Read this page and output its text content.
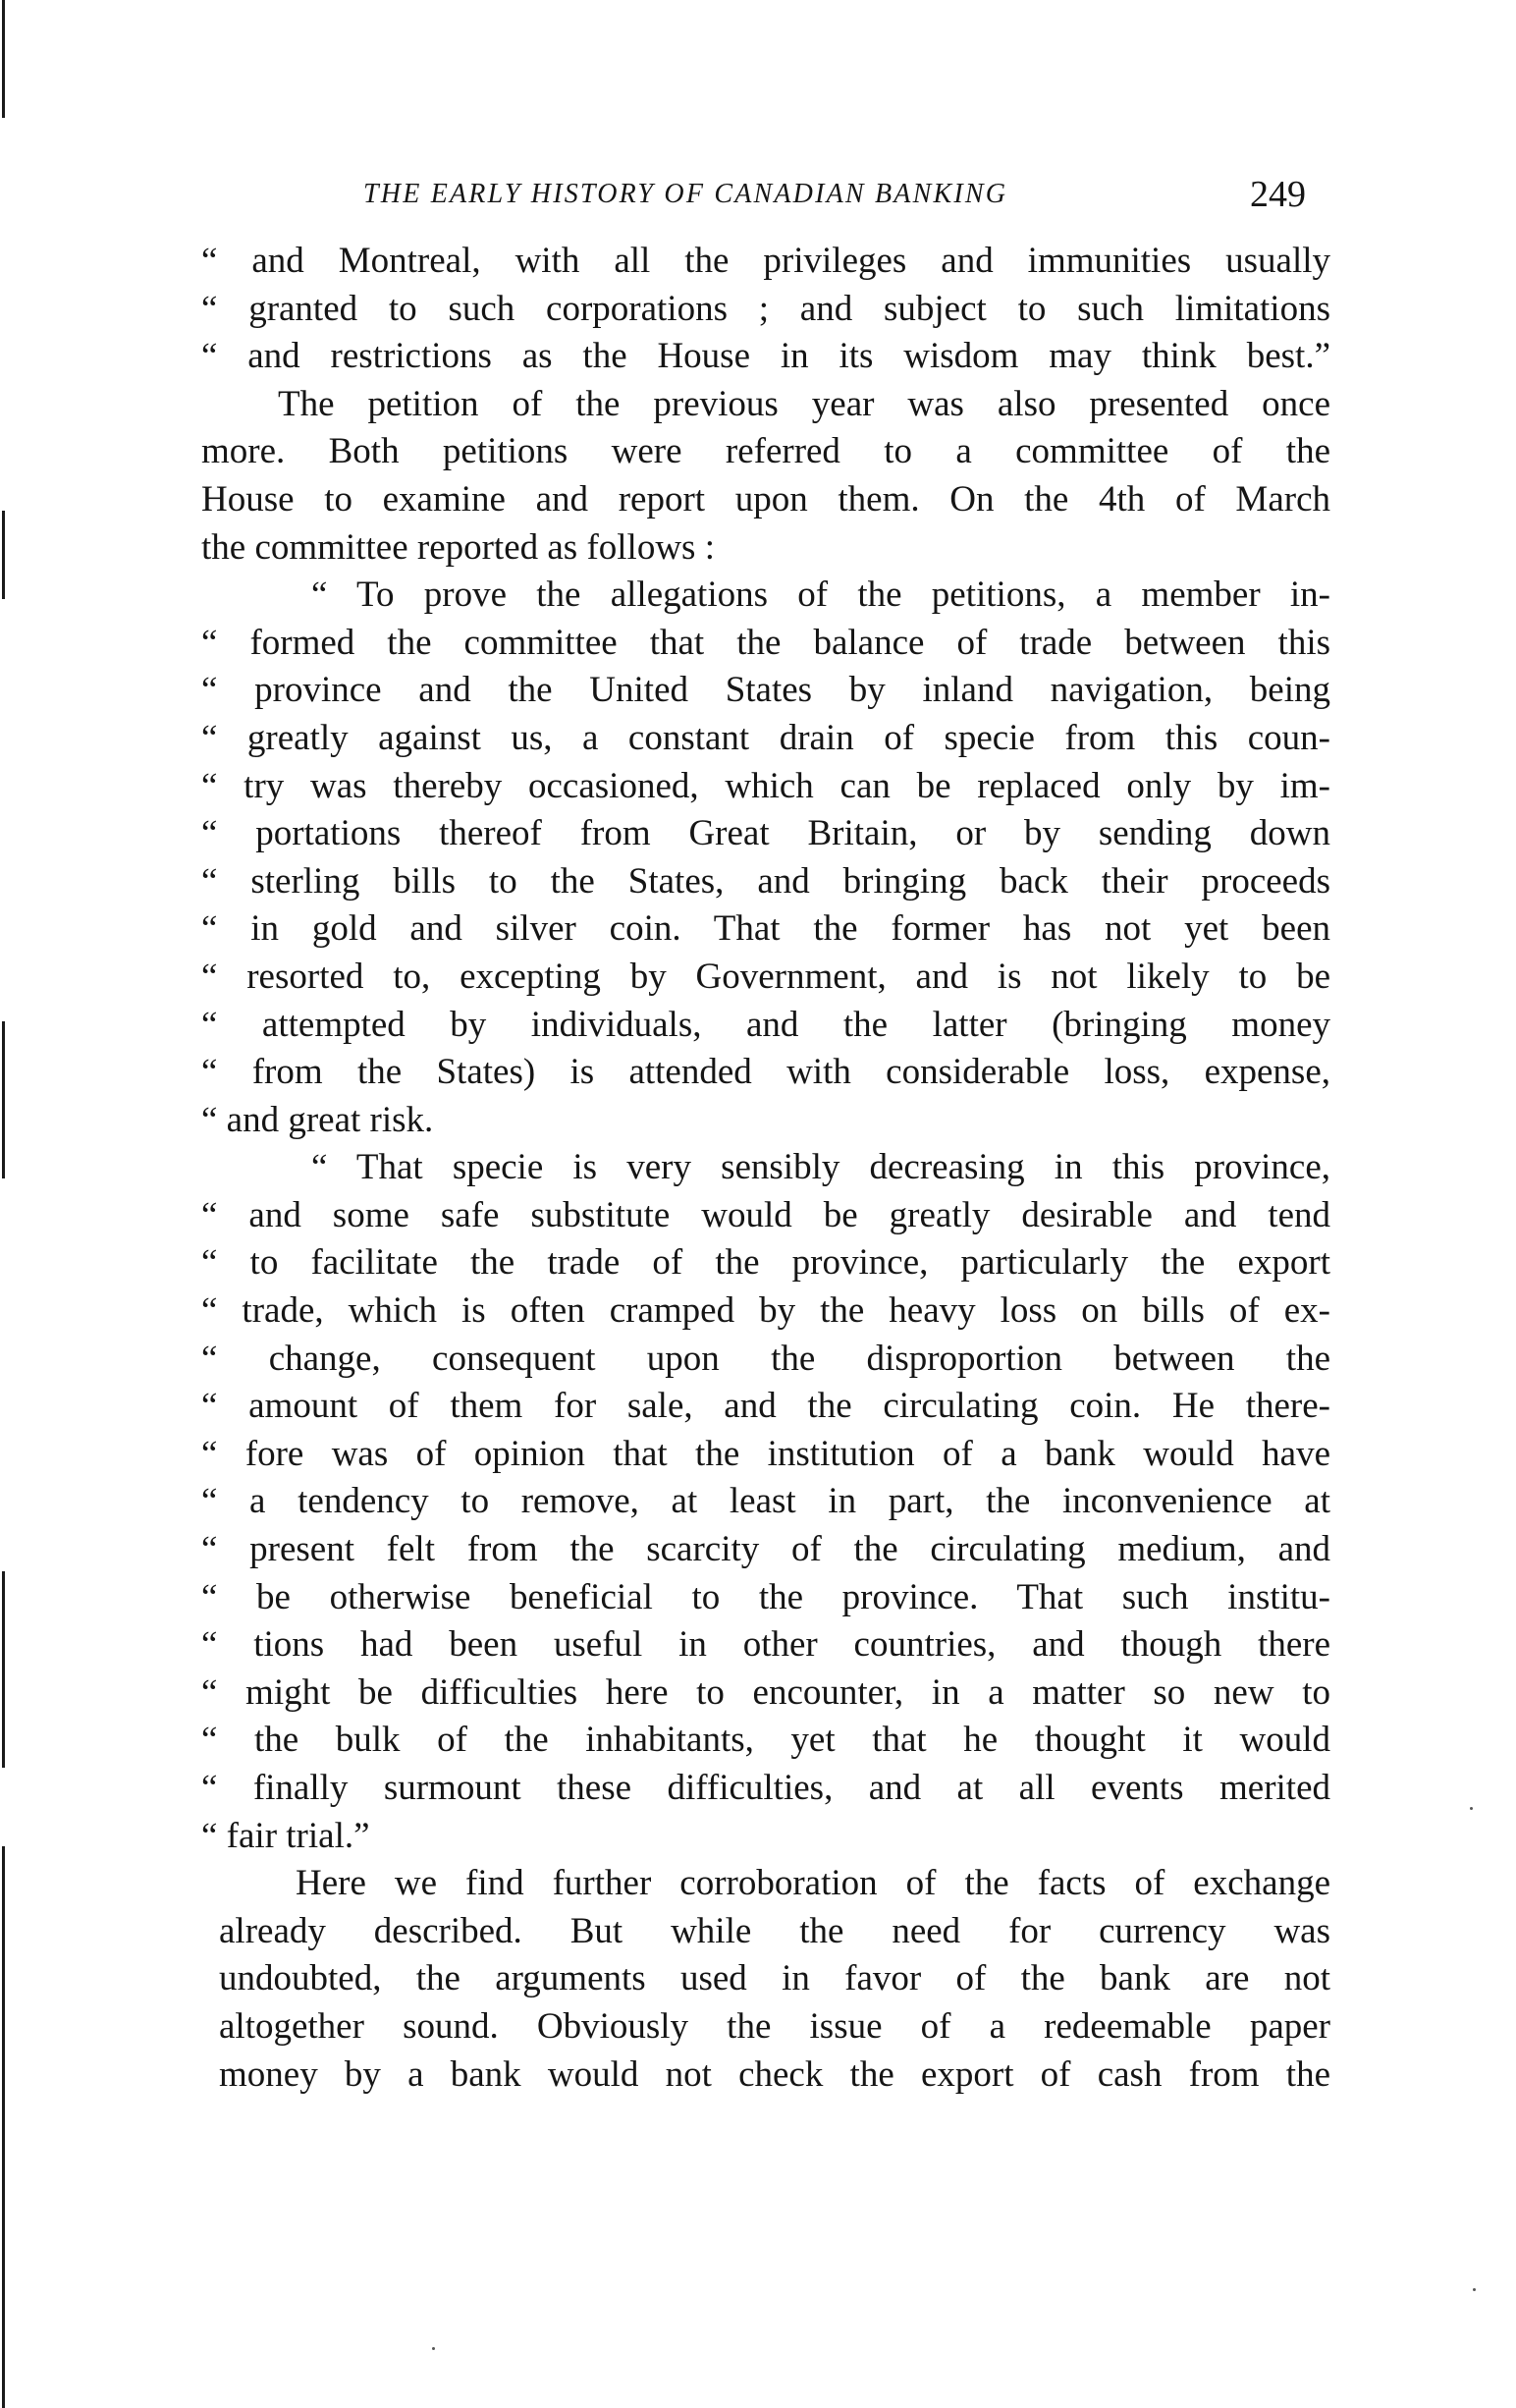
THE EARLY HISTORY OF CANADIAN BANKING	249
“ and Montreal, with all the privileges and immunities usually
“ granted to such corporations ; and subject to such limitations
“ and restrictions as the House in its wisdom may think best.”
The petition of the previous year was also presented once
more. Both petitions were referred to a committee of the
House to examine and report upon them. On the 4th of March
the committee reported as follows :
“ To prove the allegations of the petitions, a member in-
“ formed the committee that the balance of trade between this
“ province and the United States by inland navigation, being
“ greatly against us, a constant drain of specie from this coun-
“ try was thereby occasioned, which can be replaced only by im-
“ portations thereof from Great Britain, or by sending down
“ sterling bills to the States, and bringing back their proceeds
“ in gold and silver coin. That the former has not yet been
“ resorted to, excepting by Government, and is not likely to be
“ attempted by individuals, and the latter (bringing money
“ from the States) is attended with considerable loss, expense,
“ and great risk.
“ That specie is very sensibly decreasing in this province,
“ and some safe substitute would be greatly desirable and tend
“ to facilitate the trade of the province, particularly the export
“ trade, which is often cramped by the heavy loss on bills of ex-
“ change, consequent upon the disproportion between the
“ amount of them for sale, and the circulating coin. He there-
“ fore was of opinion that the institution of a bank would have
“ a tendency to remove, at least in part, the inconvenience at
“ present felt from the scarcity of the circulating medium, and
“ be otherwise beneficial to the province. That such institu-
“ tions had been useful in other countries, and though there
“ might be difficulties here to encounter, in a matter so new to
“ the bulk of the inhabitants, yet that he thought it would
“ finally surmount these difficulties, and at all events merited
“ fair trial.”
Here we find further corroboration of the facts of exchange
already described. But while the need for currency was
undoubted, the arguments used in favor of the bank are not
altogether sound. Obviously the issue of a redeemable paper
money by a bank would not check the export of cash from the
